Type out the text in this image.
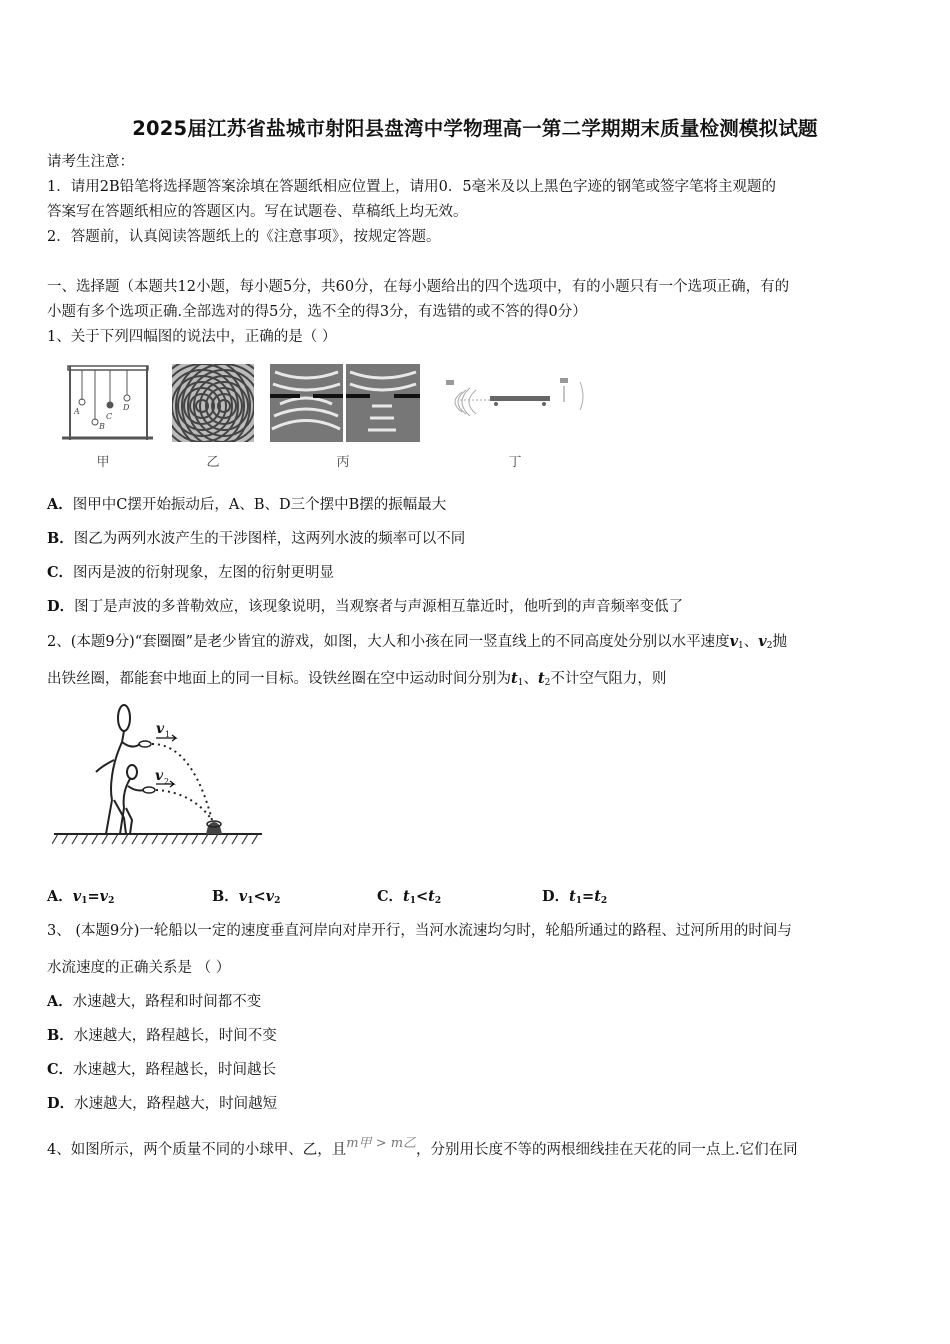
2025届江苏省盐城市射阳县盘湾中学物理高一第二学期期末质量检测模拟试题
请考生注意：
1．请用2B铅笔将选择题答案涂填在答题纸相应位置上，请用0．5毫米及以上黑色字迹的钢笔或签字笔将主观题的
答案写在答题纸相应的答题区内。写在试题卷、草稿纸上均无效。
2．答题前，认真阅读答题纸上的《注意事项》，按规定答题。
一、选择题（本题共12小题，每小题5分，共60分，在每小题给出的四个选项中，有的小题只有一个选项正确，有的
小题有多个选项正确.全部选对的得5分，选不全的得3分，有选错的或不答的得0分）
1、关于下列四幅图的说法中，正确的是（ ）
A
B
C
D
甲	乙	丙	丁
A．图甲中C摆开始振动后，A、B、D三个摆中B摆的振幅最大
B．图乙为两列水波产生的干涉图样，这两列水波的频率可以不同
C．图丙是波的衍射现象，左图的衍射更明显
D．图丁是声波的多普勒效应，该现象说明，当观察者与声源相互靠近时，他听到的声音频率变低了
2、(本题9分)“套圈圈”是老少皆宜的游戏，如图，大人和小孩在同一竖直线上的不同高度处分别以水平速度$v_1$、$v_2$抛
出铁丝圈，都能套中地面上的同一目标。设铁丝圈在空中运动时间分别为$t_1$、$t_2$不计空气阻力，则
v 1
v 2
A．$v_1=v_2$	B．$v_1<v_2$	C．$t_1<t_2$	D．$t_1=t_2$
3、 (本题9分)一轮船以一定的速度垂直河岸向对岸开行，当河水流速均匀时，轮船所通过的路程、过河所用的时间与
水流速度的正确关系是 （ ）
A．水速越大，路程和时间都不变
B．水速越大，路程越长，时间不变
C．水速越大，路程越长，时间越长
D．水速越大，路程越大，时间越短
4、如图所示，两个质量不同的小球甲、乙，且m甲 > m乙，分别用长度不等的两根细线挂在天花的同一点上.它们在同
